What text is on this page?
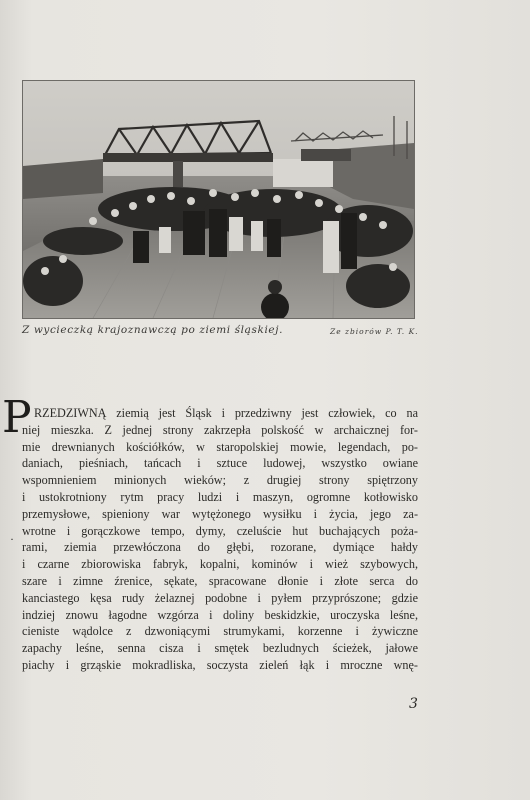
Z wycieczką krajoznawczą po ziemi śląskiej.	Ze zbiorów P. T. K.
P
·
RZEDZIWNĄ ziemią jest Śląsk i przedziwny jest człowiek, co na
niej mieszka. Z jednej strony zakrzepła polskość w archaicznej for-
mie drewnianych kościółków, w staropolskiej mowie, legendach, po-
daniach, pieśniach, tańcach i sztuce ludowej, wszystko owiane
wspomnieniem minionych wieków; z drugiej strony spiętrzony
i ustokrotniony rytm pracy ludzi i maszyn, ogromne kotłowisko
przemysłowe, spieniony war wytężonego wysiłku i życia, jego za-
wrotne i gorączkowe tempo, dymy, czeluście hut buchających poża-
rami, ziemia przewłóczona do głębi, rozorane, dymiące hałdy
i czarne zbiorowiska fabryk, kopalni, kominów i wież szybowych,
szare i zimne źrenice, sękate, spracowane dłonie i złote serca do
kanciastego kęsa rudy żelaznej podobne i pyłem przyprószone; gdzie
indziej znowu łagodne wzgórza i doliny beskidzkie, uroczyska leśne,
cieniste wądolce z dzwoniącymi strumykami, korzenne i żywiczne
zapachy leśne, senna cisza i smętek bezludnych ścieżek, jałowe
piachy i grząskie mokradliska, soczysta zieleń łąk i mroczne wnę-
3
